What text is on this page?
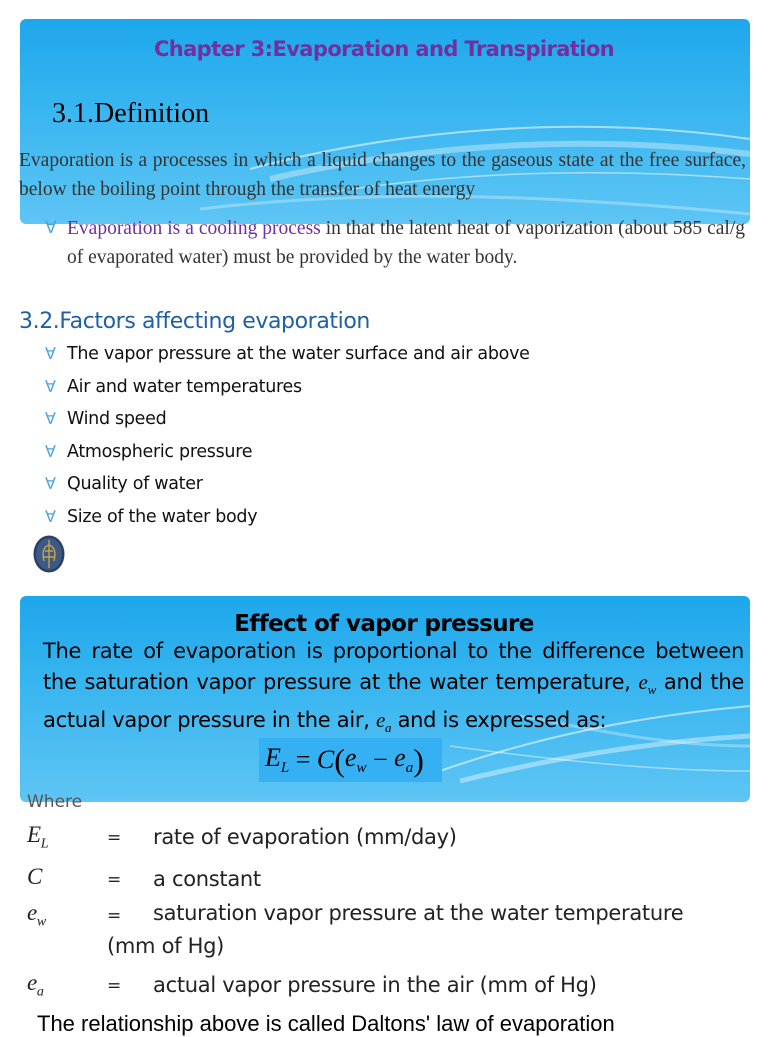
Chapter 3:Evaporation and Transpiration
3.1.Definition

Evaporation is a processes in which a liquid changes to the gaseous state at the free surface, below the boiling point through the transfer of heat energy

∀ Evaporation is a cooling process in that the latent heat of vaporization (about 585 cal/g of evaporated water) must be provided by the water body.
3.2.Factors affecting evaporation
∀ The vapor pressure at the water surface and air above
∀ Air and water temperatures
∀ Wind speed
∀ Atmospheric pressure
∀ Quality of water
∀ Size of the water body
Effect of vapor pressure

The rate of evaporation is proportional to the difference between the saturation vapor pressure at the water temperature, $e_w$ and the actual vapor pressure in the air, $e_a$ and is expressed as:

$E_L = C$ ( $e_w - e_a$ )
Where
$E_L$	= rate of evaporation (mm/day)
C	= a constant
$e_w$	=	saturation vapor pressure at the water temperature (mm of Hg)
$e_a$	= actual vapor pressure in the air (mm of Hg)
The relationship above is called Daltons' law of evaporation
